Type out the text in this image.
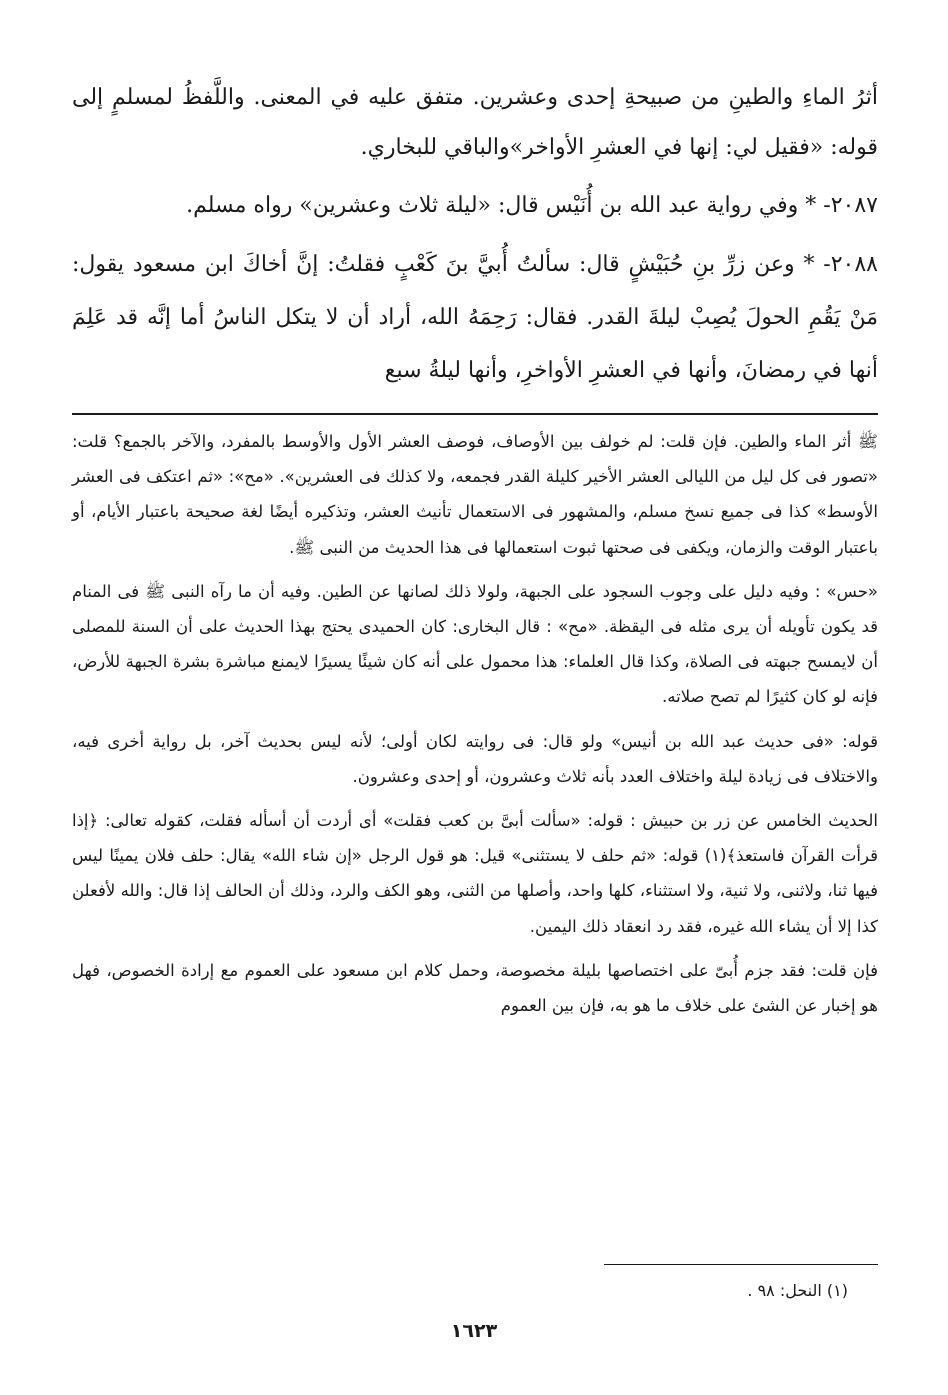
أثرُ الماءِ والطينِ من صبيحةِ إحدى وعشرين. متفق عليه في المعنى. واللَّفظُ لمسلمٍ إلى قوله: «فقيل لي: إنها في العشرِ الأواخر»والباقي للبخاري.

٢٠٨٧- * وفي رواية عبد الله بن أُنَيْس قال: «ليلة ثلاث وعشرين» رواه مسلم.

٢٠٨٨- * وعن زرِّ بنِ حُبَيْشٍ قال: سألتُ أُبيَّ بنَ كَعْبٍ فقلتُ: إنَّ أخاكَ ابن مسعود يقول: مَنْ يَقُمِ الحولَ يُصِبْ ليلةَ القدر. فقال: رَحِمَهُ الله، أراد أن لا يتكل الناسُ أما إنَّه قد عَلِمَ أنها في رمضانَ، وأنها في العشرِ الأواخرِ، وأنها ليلةُ سبع

ﷺ أثر الماء والطين. فإن قلت: لم خولف بين الأوصاف، فوصف العشر الأول والأوسط بالمفرد، والآخر بالجمع؟ قلت: «تصور فى كل ليل من الليالى العشر الأخير كليلة القدر فجمعه، ولا كذلك فى العشرين». «مح»: «ثم اعتكف فى العشر الأوسط» كذا فى جميع نسخ مسلم، والمشهور فى الاستعمال تأنيث العشر، وتذكيره أيضًا لغة صحيحة باعتبار الأيام، أو باعتبار الوقت والزمان، ويكفى فى صحتها ثبوت استعمالها فى هذا الحديث من النبى ﷺ.

«حس» : وفيه دليل على وجوب السجود على الجبهة، ولولا ذلك لصانها عن الطين. وفيه أن ما رآه النبى ﷺ فى المنام قد يكون تأويله أن يرى مثله فى اليقظة. «مح» : قال البخارى: كان الحميدى يحتج بهذا الحديث على أن السنة للمصلى أن لايمسح جبهته فى الصلاة، وكذا قال العلماء: هذا محمول على أنه كان شيئًا يسيرًا لايمنع مباشرة بشرة الجبهة للأرض، فإنه لو كان كثيرًا لم تصح صلاته.

قوله: «فى حديث عبد الله بن أنيس» ولو قال: فى روايته لكان أولى؛ لأنه ليس بحديث آخر، بل رواية أخرى فيه، والاختلاف فى زيادة ليلة واختلاف العدد بأنه ثلاث وعشرون، أو إحدى وعشرون.

الحديث الخامس عن زر بن حبيش : قوله: «سألت أبىَّ بن كعب فقلت» أى أردت أن أسأله فقلت، كقوله تعالى: ﴿إذا قرأت القرآن فاستعذ﴾(١) قوله: «ثم حلف لا يستثنى» قيل: هو قول الرجل «إن شاء الله» يقال: حلف فلان يمينًا ليس فيها ثنا، ولاثنى، ولا ثنية، ولا استثناء، كلها واحد، وأصلها من الثنى، وهو الكف والرد، وذلك أن الحالف إذا قال: والله لأفعلن كذا إلا أن يشاء الله غيره، فقد رد انعقاد ذلك اليمين.

فإن قلت: فقد جزم أُبىّ على اختصاصها بليلة مخصوصة، وحمل كلام ابن مسعود على العموم مع إرادة الخصوص، فهل هو إخبار عن الشئ على خلاف ما هو به، فإن بين العموم

(١) النحل: ٩٨ .
١٦٢٣
